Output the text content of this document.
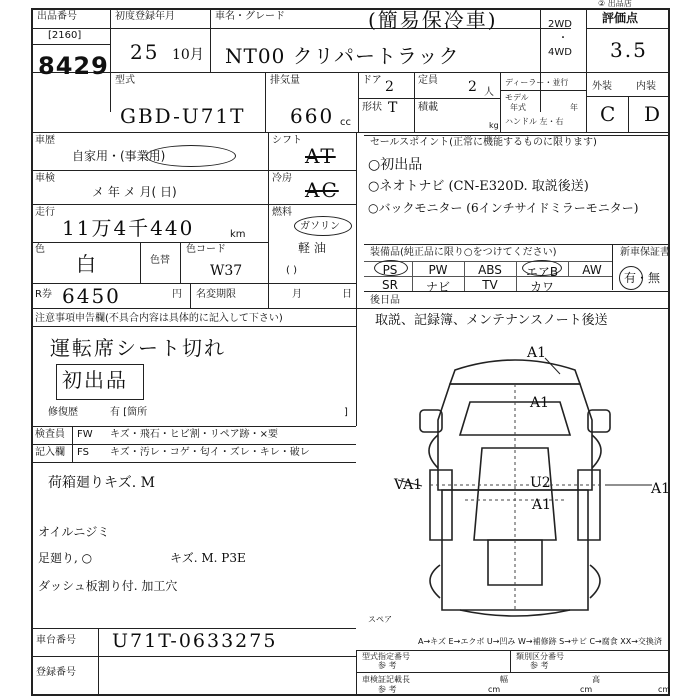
出品番号
[2160]
8429
初度登録年月
25 10月
車名・グレード	(簡易保冷車)
NT00 クリパートラック
2WD
・
4WD
② 出品店
評価点
3.5
型式
GBD-U71T
排気量
660 cc
ドア 2 定員 2 人
形状 T 積載
kg
ディーラー・並行
モデル
年式	年
ハンドル 左・右
外装 内装
C D
車歴
自家用・(事業用)
シフト
AT
車検
メ 年 メ 月( 日)
冷房 AC
走行
11万4千440	km
燃料
ガソリン
軽 油
( )
色
白	色替
色コード
W37
R券 6450	円 名変期限	月	日
セールスポイント(正常に機能するものに限ります)
○初出品
○ネオトナビ (CN-E320D. 取説後送)
○バックモニター (6インチサイドミラーモニター)
装備品(純正品に限り○をつけてください)	新車保証書
有・無
PS	PW	ABS	エアB	AW
SR	ナビ	TV	カワ
後日品
取説、記録簿、メンテナンスノート後送
注意事項申告欄(不具合内容は具体的に記入して下さい)
運転席シート切れ
初出品
修復歴	有 [箇所	]
検査員
記入欄
FW キズ・飛石・ヒビ割・リペア跡・×要
FS キズ・汚レ・コゲ・匂イ・ズレ・キレ・破レ
荷箱廻りキズ. M
オイルニジミ
足廻り, ○	キズ. M. P3E
ダッシュ板割り付. 加工穴
A1
A1
A1
VA1	U2
A1
スペア
A→キズ E→エクボ U→凹み W→補修跡 S→サビ C→腐食 XX→交換済
車台番号 U71T-0633275
登録番号
型式指定番号
参 考
類別区分番号
参 考
車検証記載
参 考
長
cm
幅
cm
高
cm
